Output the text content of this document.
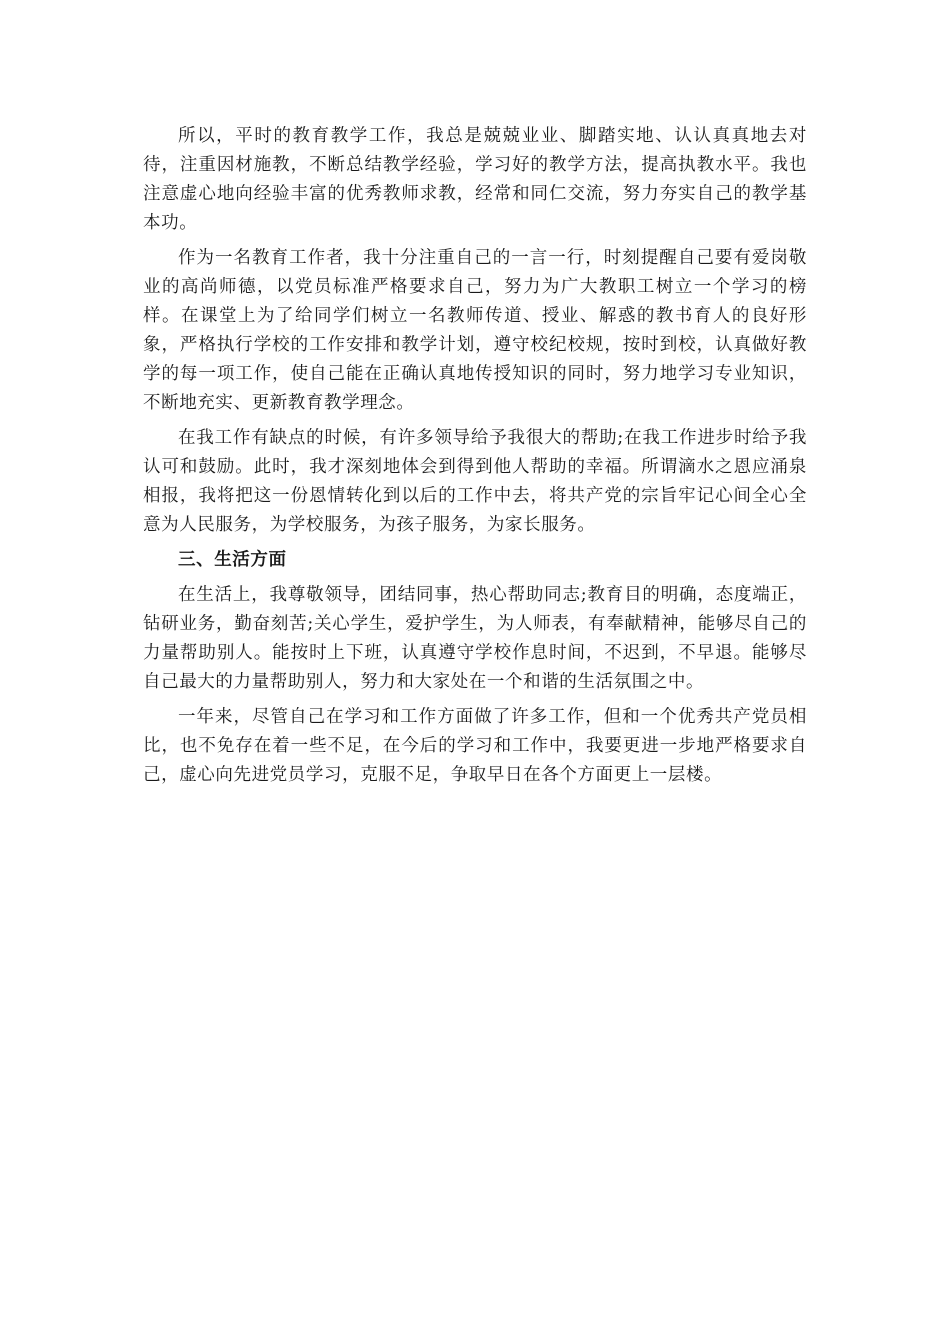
所以，平时的教育教学工作，我总是兢兢业业、脚踏实地、认认真真地去对待，注重因材施教，不断总结教学经验，学习好的教学方法，提高执教水平。我也注意虚心地向经验丰富的优秀教师求教，经常和同仁交流，努力夯实自己的教学基本功。

作为一名教育工作者，我十分注重自己的一言一行，时刻提醒自己要有爱岗敬业的高尚师德，以党员标准严格要求自己，努力为广大教职工树立一个学习的榜样。在课堂上为了给同学们树立一名教师传道、授业、解惑的教书育人的良好形象，严格执行学校的工作安排和教学计划，遵守校纪校规，按时到校，认真做好教学的每一项工作，使自己能在正确认真地传授知识的同时，努力地学习专业知识，不断地充实、更新教育教学理念。

在我工作有缺点的时候，有许多领导给予我很大的帮助;在我工作进步时给予我认可和鼓励。此时，我才深刻地体会到得到他人帮助的幸福。所谓滴水之恩应涌泉相报，我将把这一份恩情转化到以后的工作中去，将共产党的宗旨牢记心间全心全意为人民服务，为学校服务，为孩子服务，为家长服务。

三、生活方面

在生活上，我尊敬领导，团结同事，热心帮助同志;教育目的明确，态度端正，钻研业务，勤奋刻苦;关心学生，爱护学生，为人师表，有奉献精神，能够尽自己的力量帮助别人。能按时上下班，认真遵守学校作息时间，不迟到，不早退。能够尽自己最大的力量帮助别人，努力和大家处在一个和谐的生活氛围之中。

一年来，尽管自己在学习和工作方面做了许多工作，但和一个优秀共产党员相比，也不免存在着一些不足，在今后的学习和工作中，我要更进一步地严格要求自己，虚心向先进党员学习，克服不足，争取早日在各个方面更上一层楼。
